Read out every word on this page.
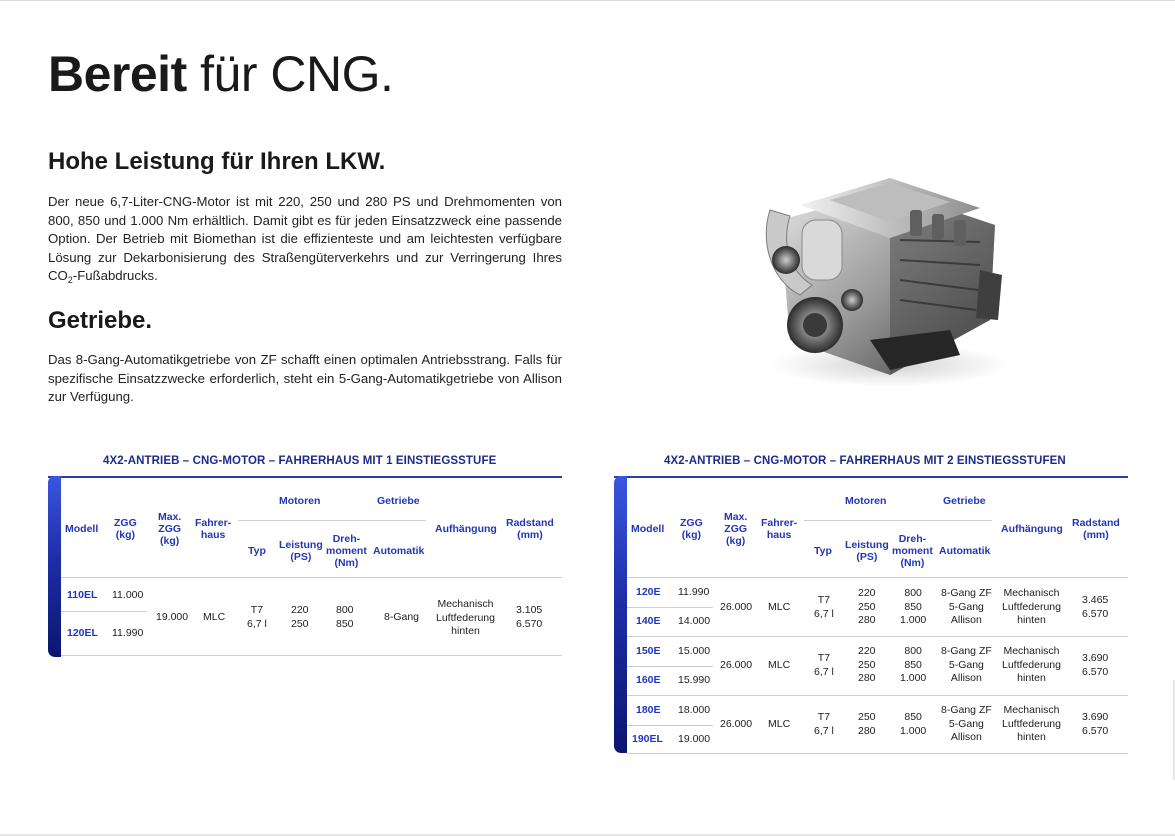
Bereit für CNG.
Hohe Leistung für Ihren LKW.

Der neue 6,7-Liter-CNG-Motor ist mit 220, 250 und 280 PS und Drehmomenten von 800, 850 und 1.000 Nm erhältlich. Damit gibt es für jeden Einsatzzweck eine passende Option. Der Betrieb mit Biomethan ist die effizienteste und am leichtesten verfügbare Lösung zur Dekarbonisierung des Straßengüterverkehrs und zur Verringerung Ihres $CO_2$-Fußabdrucks.

Getriebe.

Das 8-Gang-Automatikgetriebe von ZF schafft einen optimalen Antriebsstrang. Falls für spezifische Einsatzzwecke erforderlich, steht ein 5-Gang-Automatikgetriebe von Allison zur Verfügung.

4X2-ANTRIEB – CNG-MOTOR – FAHRERHAUS MIT 1 EINSTIEGSSTUFE
Modell ZGG
(kg)
Max.
ZGG
(kg)
Fahrer-
haus
Motoren	Getriebe
Typ Leistung
(PS)
Dreh-
moment
(Nm)
Automatik
Aufhängung Radstand
(mm)
110EL 11.000
120EL 11.990
19.000 MLC
T7
6,7 l
220
250
800
850
8-Gang
Mechanisch
Luftfederung
hinten
3.105
6.570
4X2-ANTRIEB – CNG-MOTOR – FAHRERHAUS MIT 2 EINSTIEGSSTUFEN
Modell ZGG
(kg)
Max.
ZGG
(kg)
Fahrer-
haus
Motoren	Getriebe
Typ Leistung
(PS)
Dreh-
moment
(Nm)
Automatik
Aufhängung Radstand
(mm)
120E 11.990
140E 14.000
26.000 MLC
T7
6,7 l
220
250
280
800
850
1.000
8-Gang ZF
5-Gang
Allison
Mechanisch
Luftfederung
hinten
3.465
6.570
150E 15.000
160E 15.990
26.000 MLC
T7
6,7 l
220
250
280
800
850
1.000
8-Gang ZF
5-Gang
Allison
Mechanisch
Luftfederung
hinten
3.690
6.570
180E 18.000
190EL 19.000
26.000 MLC
T7
6,7 l
250
280
850
1.000
8-Gang ZF
5-Gang
Allison
Mechanisch
Luftfederung
hinten
3.690
6.570
